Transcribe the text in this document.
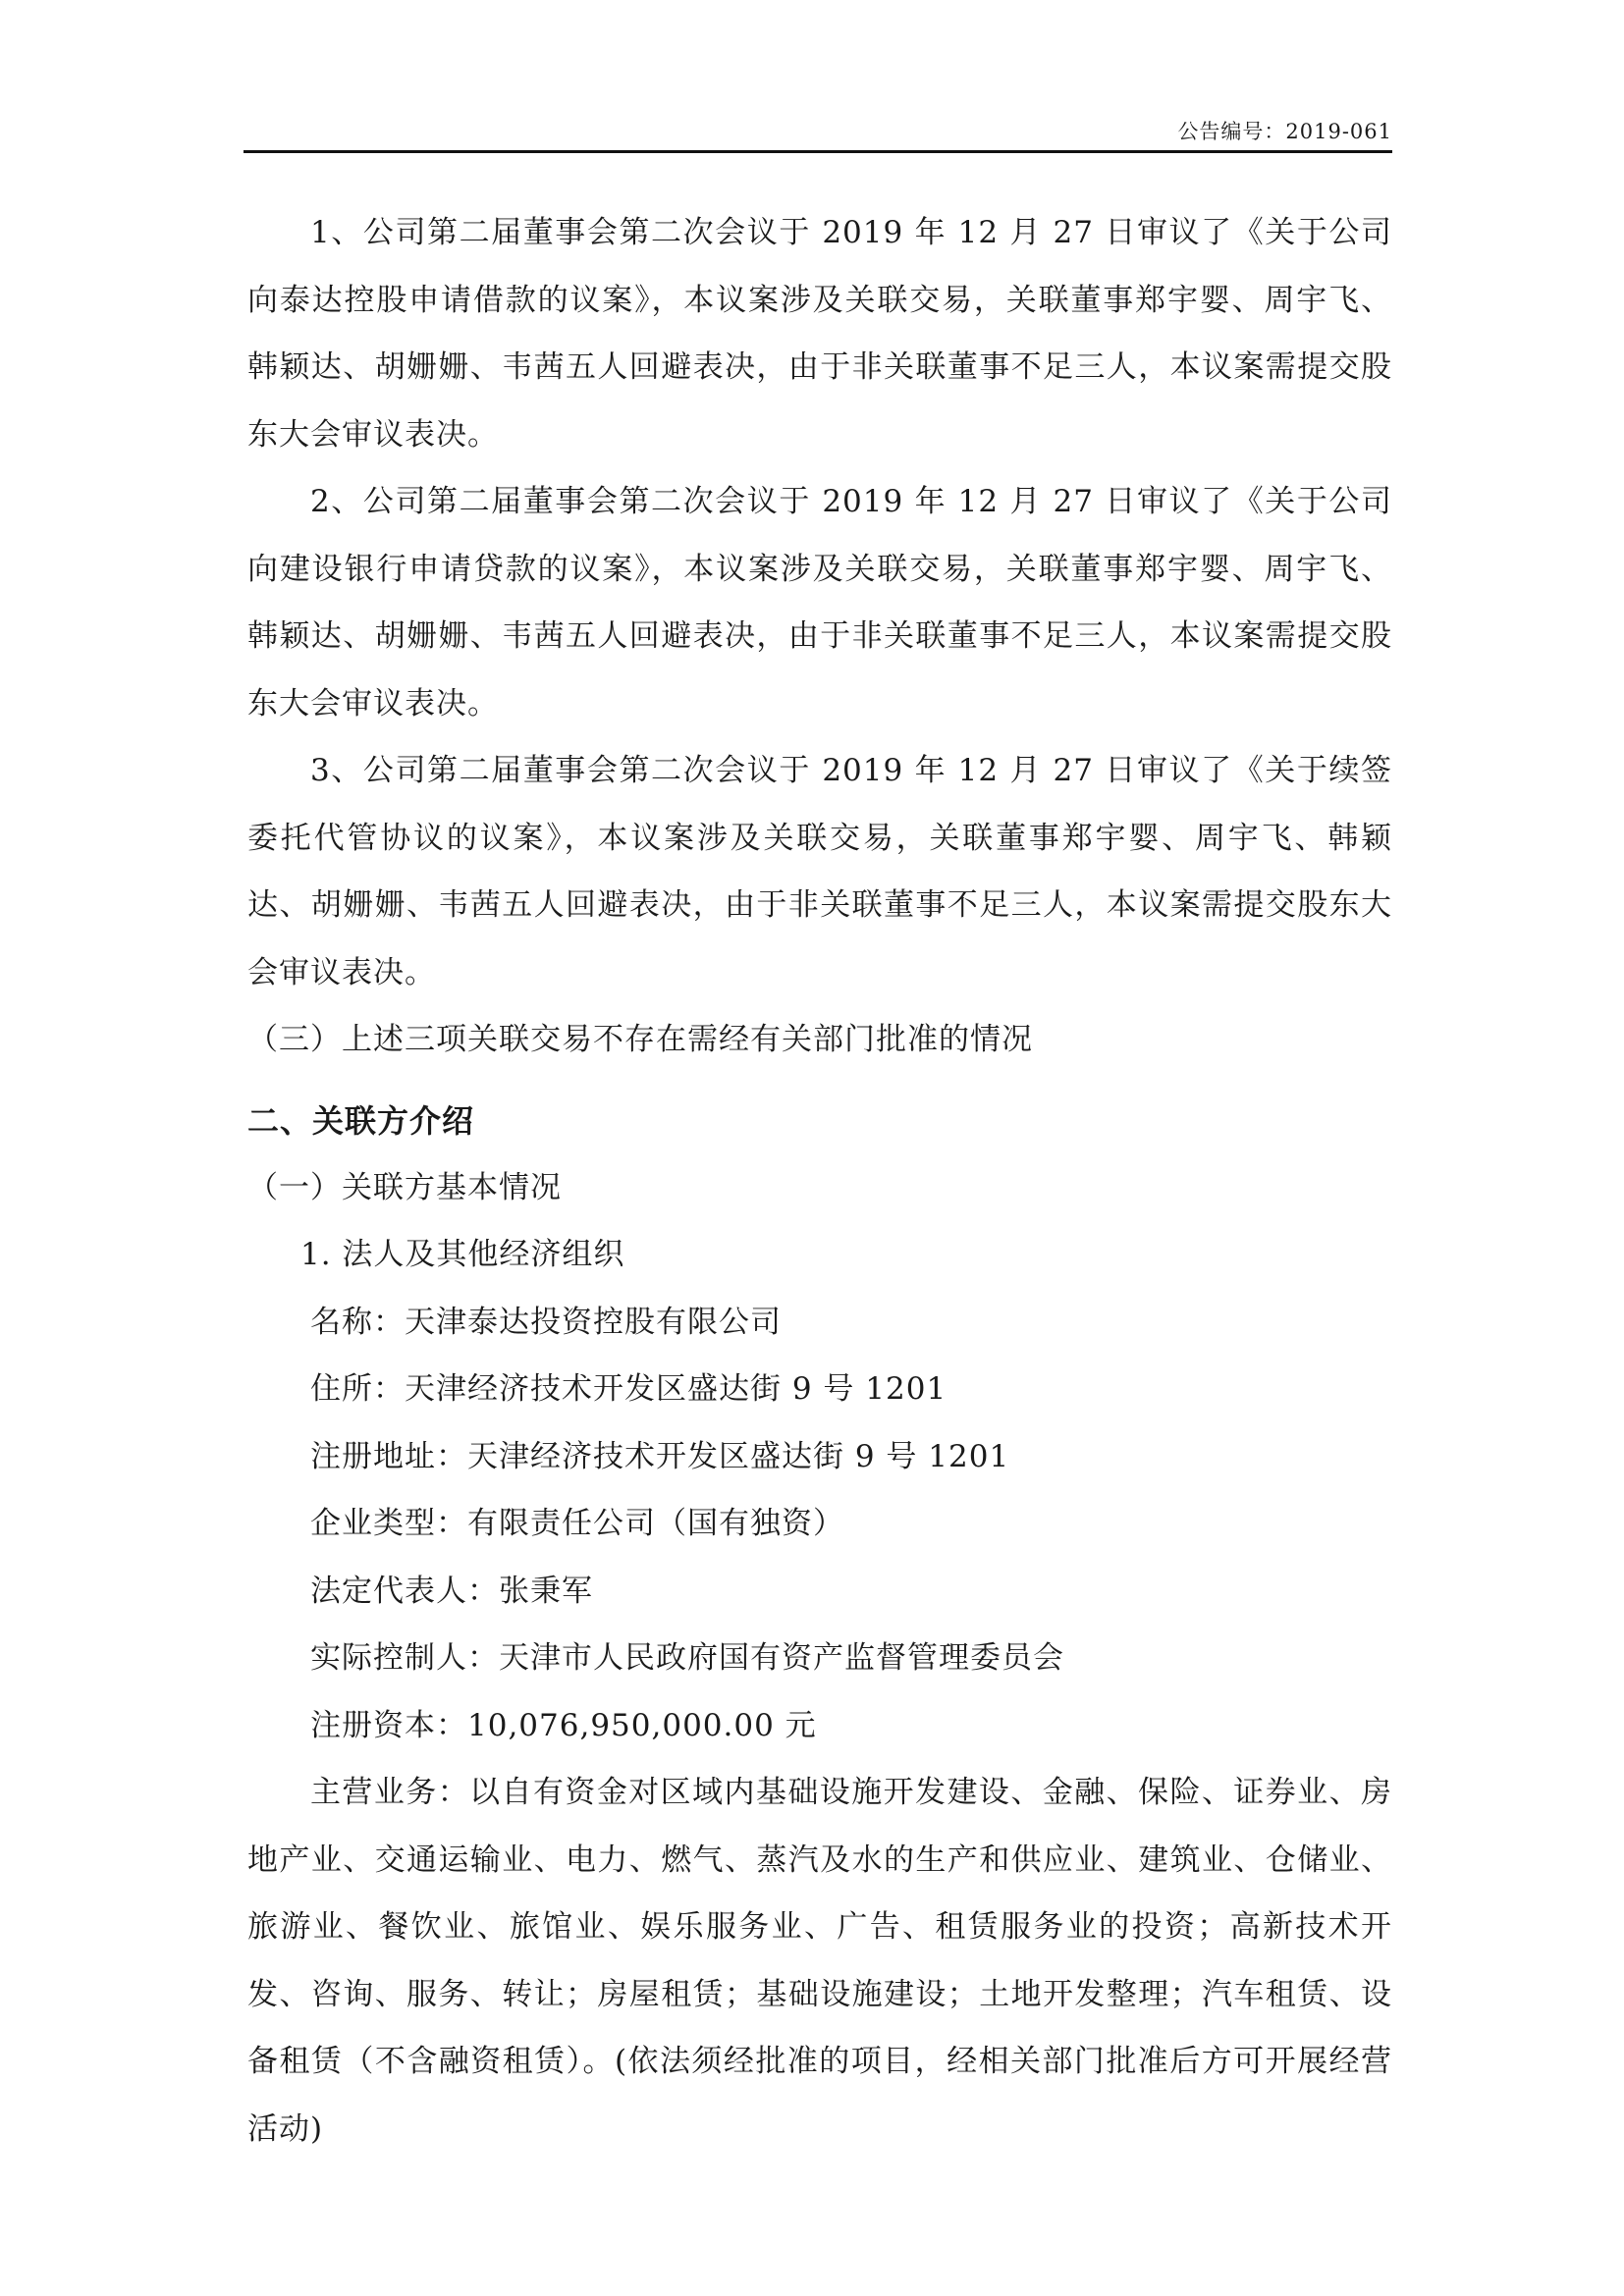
公告编号：2019-061

1、公司第二届董事会第二次会议于 2019 年 12 月 27 日审议了《关于公司向泰达控股申请借款的议案》，本议案涉及关联交易，关联董事郑宇婴、周宇飞、韩颖达、胡姗姗、韦茜五人回避表决，由于非关联董事不足三人，本议案需提交股东大会审议表决。

2、公司第二届董事会第二次会议于 2019 年 12 月 27 日审议了《关于公司向建设银行申请贷款的议案》，本议案涉及关联交易，关联董事郑宇婴、周宇飞、韩颖达、胡姗姗、韦茜五人回避表决，由于非关联董事不足三人，本议案需提交股东大会审议表决。

3、公司第二届董事会第二次会议于 2019 年 12 月 27 日审议了《关于续签委托代管协议的议案》，本议案涉及关联交易，关联董事郑宇婴、周宇飞、韩颖达、胡姗姗、韦茜五人回避表决，由于非关联董事不足三人，本议案需提交股东大会审议表决。

（三）上述三项关联交易不存在需经有关部门批准的情况

二、关联方介绍

（一）关联方基本情况

1. 法人及其他经济组织

名称：天津泰达投资控股有限公司

住所：天津经济技术开发区盛达街 9 号 1201

注册地址：天津经济技术开发区盛达街 9 号 1201

企业类型：有限责任公司（国有独资）

法定代表人：张秉军

实际控制人：天津市人民政府国有资产监督管理委员会

注册资本：10,076,950,000.00 元

主营业务：以自有资金对区域内基础设施开发建设、金融、保险、证券业、房地产业、交通运输业、电力、燃气、蒸汽及水的生产和供应业、建筑业、仓储业、旅游业、餐饮业、旅馆业、娱乐服务业、广告、租赁服务业的投资；高新技术开发、咨询、服务、转让；房屋租赁；基础设施建设；土地开发整理；汽车租赁、设备租赁（不含融资租赁）。(依法须经批准的项目，经相关部门批准后方可开展经营活动)
